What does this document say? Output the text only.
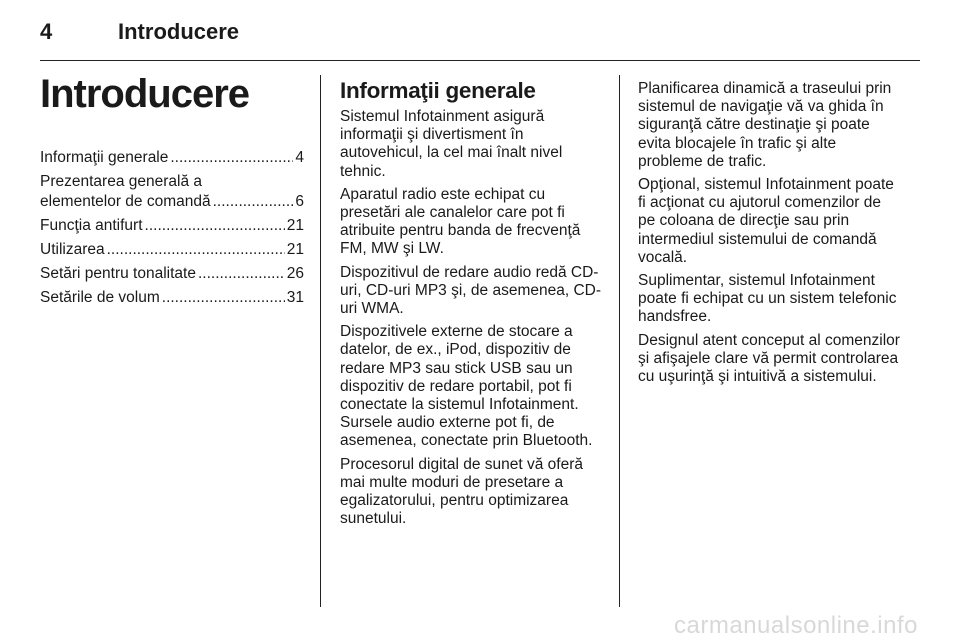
4	Introducere
Introducere
Informaţii generale .....	4
Prezentarea generală a
elementelor de comandă .....	6
Funcţia antifurt .....	21
Utilizarea .....	21
Setări pentru tonalitate .....	26
Setările de volum .....	31
Informaţii generale

Sistemul Infotainment asigură informaţii şi divertisment în autovehicul, la cel mai înalt nivel tehnic.

Aparatul radio este echipat cu presetări ale canalelor care pot fi atribuite pentru banda de frecvenţă FM, MW şi LW.

Dispozitivul de redare audio redă CD-uri, CD-uri MP3 şi, de asemenea, CD-uri WMA.

Dispozitivele externe de stocare a datelor, de ex., iPod, dispozitiv de redare MP3 sau stick USB sau un dispozitiv de redare portabil, pot fi conectate la sistemul Infotainment. Sursele audio externe pot fi, de asemenea, conectate prin Bluetooth.

Procesorul digital de sunet vă oferă mai multe moduri de presetare a egalizatorului, pentru optimizarea sunetului.

Planificarea dinamică a traseului prin sistemul de navigaţie vă va ghida în siguranţă către destinaţie şi poate evita blocajele în trafic şi alte probleme de trafic.

Opţional, sistemul Infotainment poate fi acţionat cu ajutorul comenzilor de pe coloana de direcţie sau prin intermediul sistemului de comandă vocală.

Suplimentar, sistemul Infotainment poate fi echipat cu un sistem telefonic handsfree.

Designul atent conceput al comenzilor şi afişajele clare vă permit controlarea cu uşurinţă şi intuitivă a sistemului.

carmanualsonline.info
